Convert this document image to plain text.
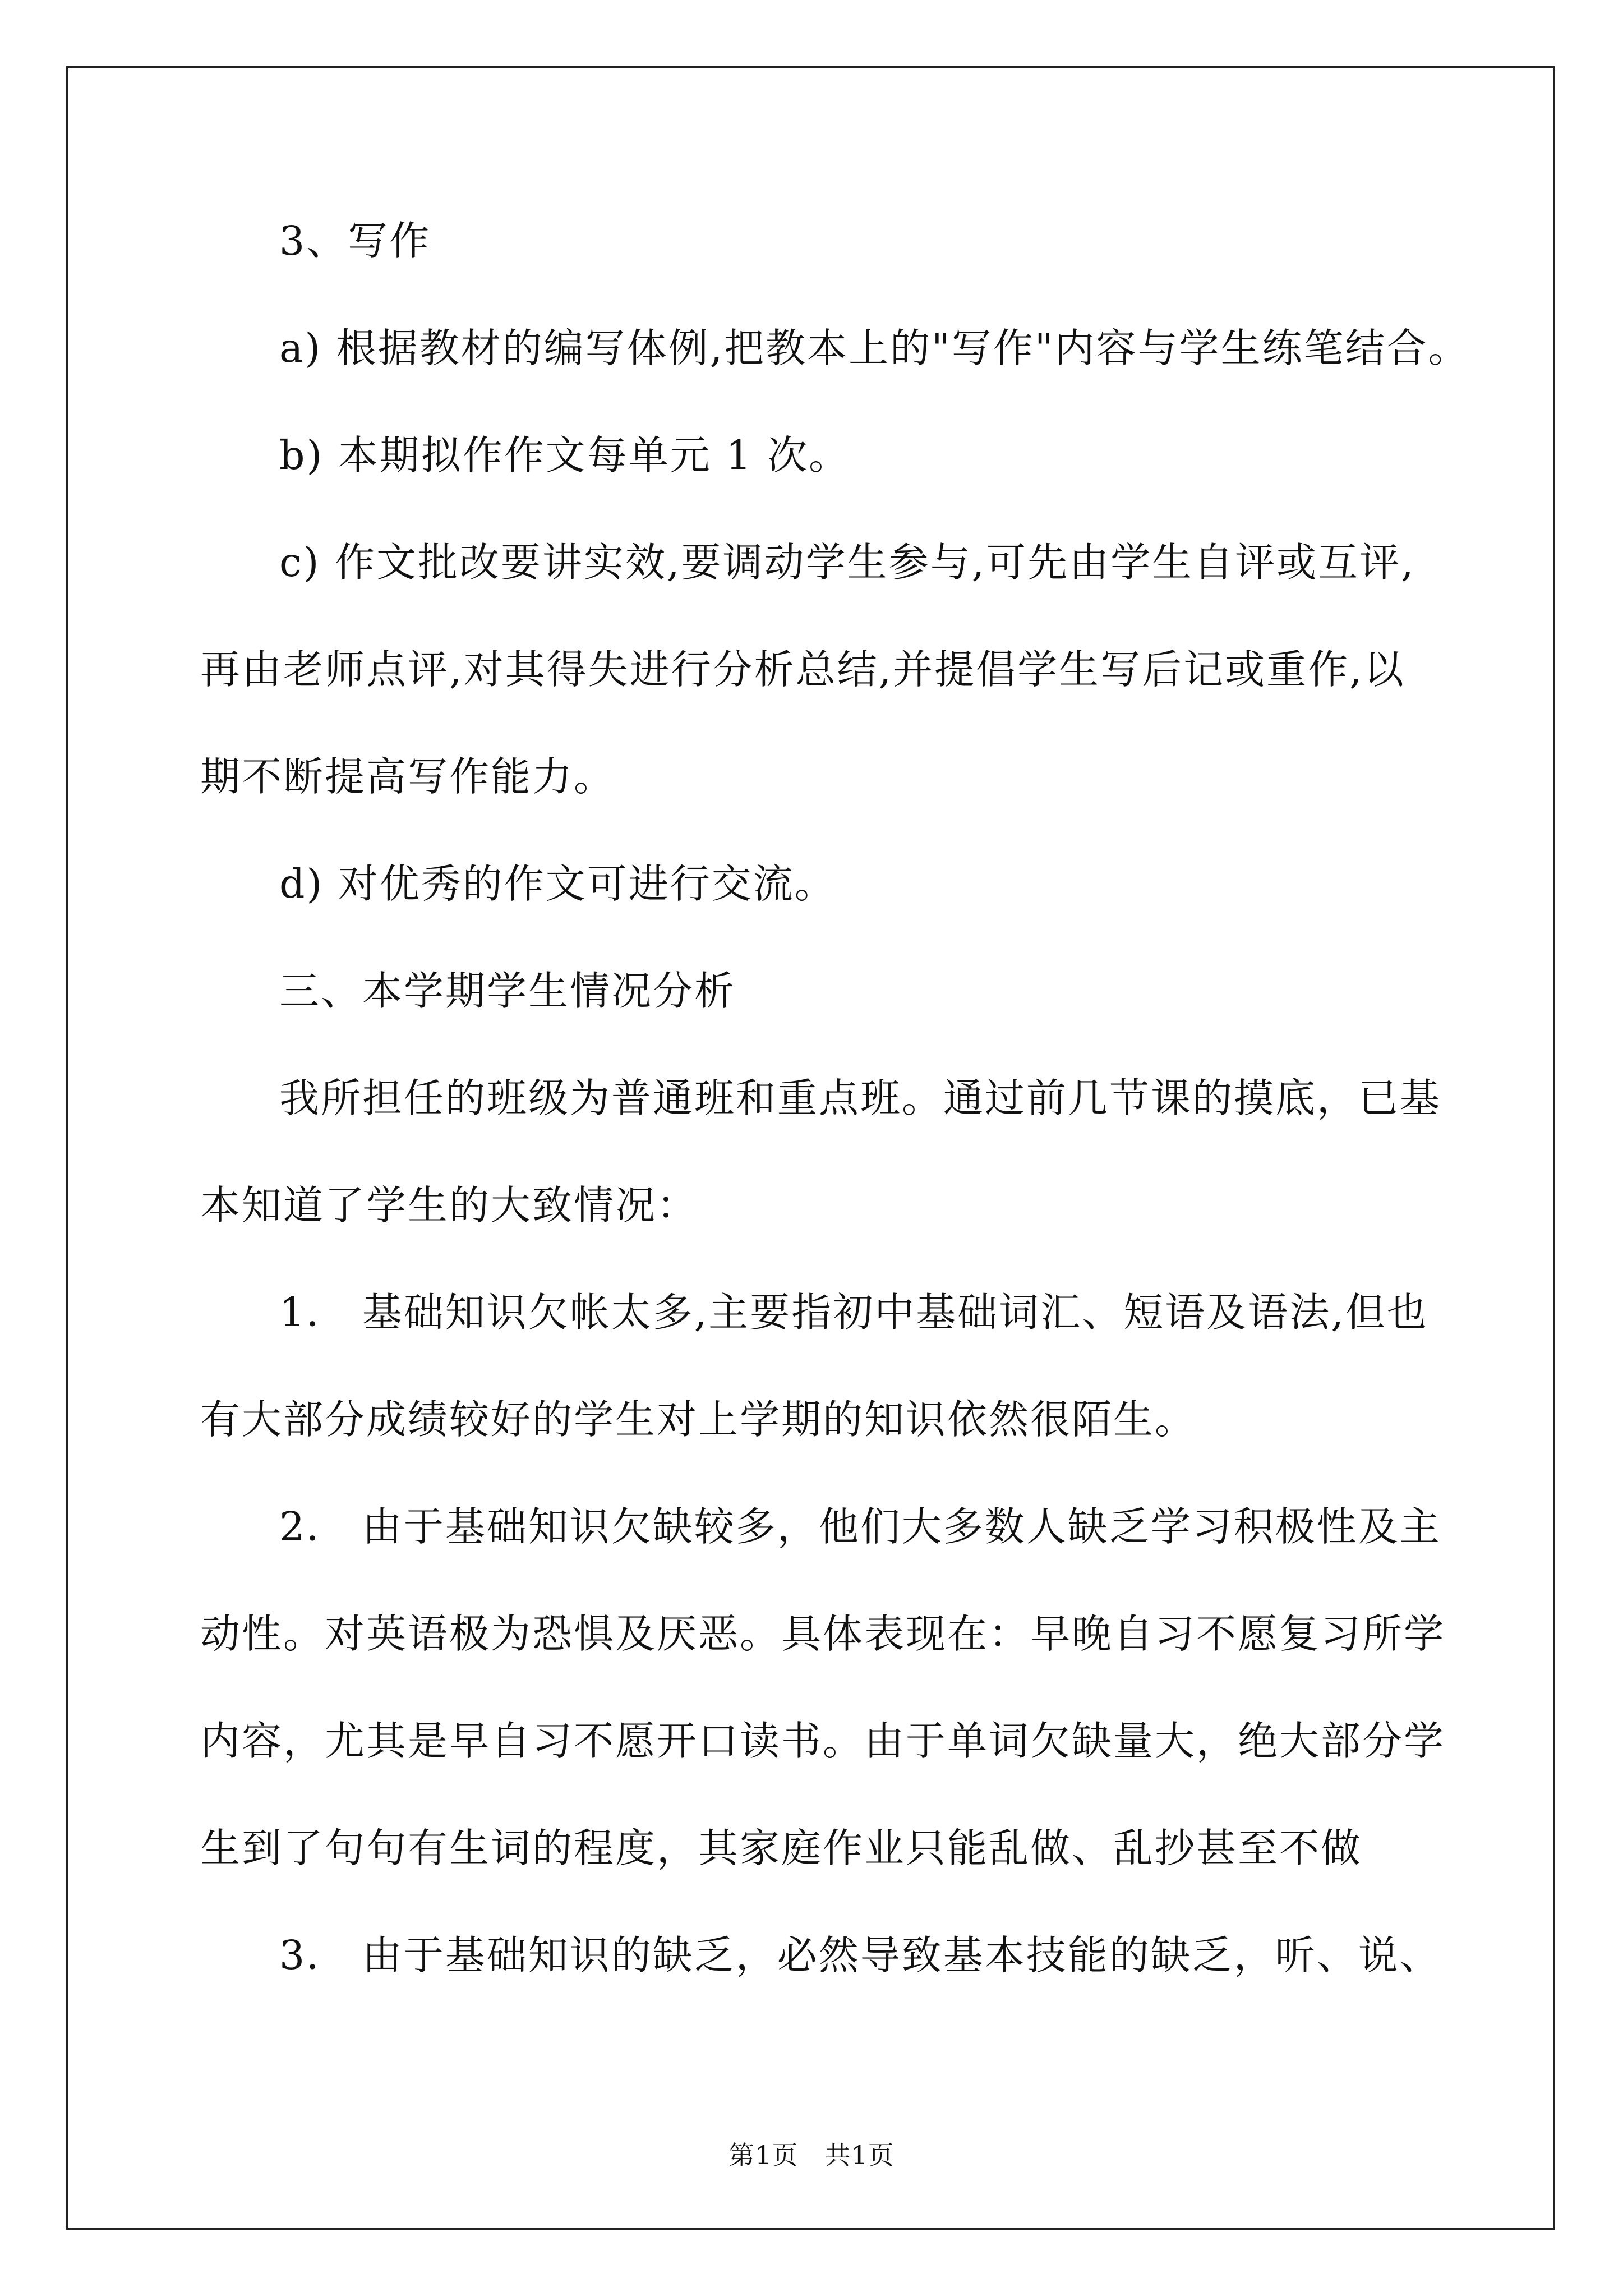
3、写作
a) 根据教材的编写体例,把教本上的"写作"内容与学生练笔结合。
b) 本期拟作作文每单元 1 次。
c) 作文批改要讲实效,要调动学生参与,可先由学生自评或互评,
再由老师点评,对其得失进行分析总结,并提倡学生写后记或重作,以
期不断提高写作能力。
d) 对优秀的作文可进行交流。
三、本学期学生情况分析
我所担任的班级为普通班和重点班。通过前几节课的摸底，已基
本知道了学生的大致情况：
1． 基础知识欠帐太多,主要指初中基础词汇、短语及语法,但也
有大部分成绩较好的学生对上学期的知识依然很陌生。
2． 由于基础知识欠缺较多，他们大多数人缺乏学习积极性及主
动性。对英语极为恐惧及厌恶。具体表现在：早晚自习不愿复习所学
内容，尤其是早自习不愿开口读书。由于单词欠缺量大，绝大部分学
生到了句句有生词的程度，其家庭作业只能乱做、乱抄甚至不做
3． 由于基础知识的缺乏，必然导致基本技能的缺乏，听、说、
第1页　共1页
